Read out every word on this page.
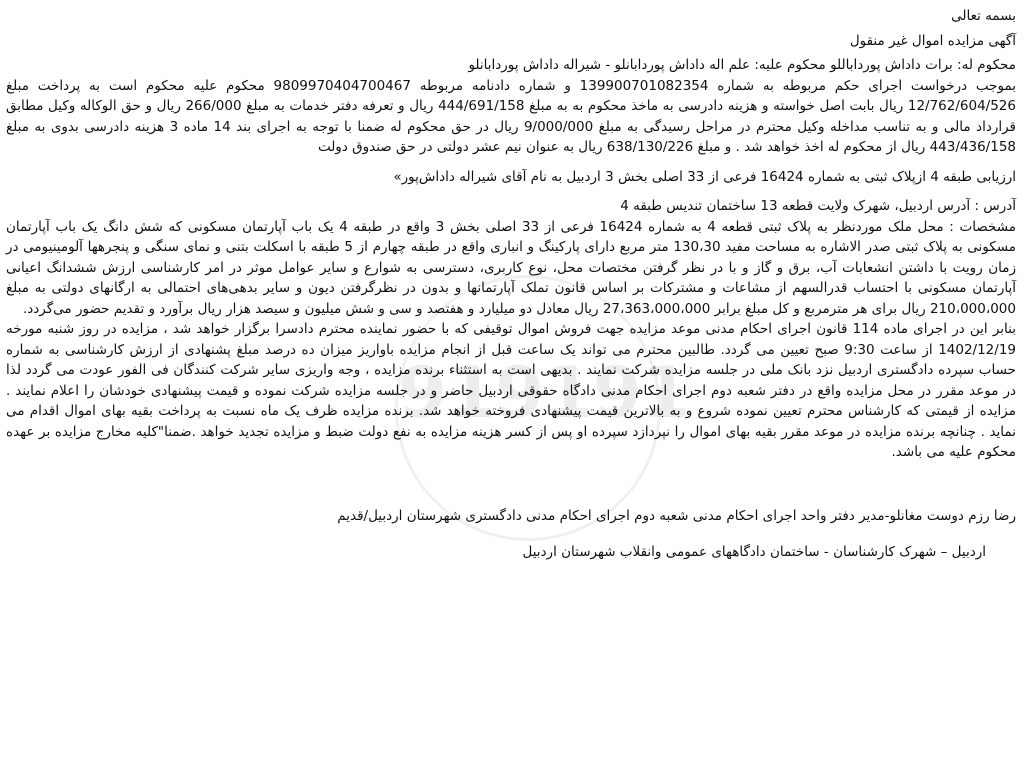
919191

بسمه تعالی

آگهی مزایده اموال غیر منقول

محکوم له: برات داداش پورداباللو محکوم علیه: علم اله داداش پوردابانلو - شیراله داداش پوردابانلو

بموجب درخواست اجرای حکم مربوطه به شماره 139900701082354 و شماره دادنامه مربوطه 9809970404700467 محکوم علیه محکوم است به پرداخت مبلغ 12/762/604/526 ریال بابت اصل خواسته و هزینه دادرسی به ماخذ محکوم به به مبلغ 444/691/158 ریال و تعرفه دفتر خدمات به مبلغ 266/000 ریال و حق الوکاله وکیل مطابق قرارداد مالی و به تناسب مداخله وکیل محترم در مراحل رسیدگی به مبلغ 9/000/000 ریال در حق محکوم له ضمنا با توجه به اجرای بند 14 ماده 3 هزینه دادرسی بدوی به مبلغ 443/436/158 ریال از محکوم له اخذ خواهد شد . و مبلغ 638/130/226 ریال به عنوان نیم عشر دولتی در حق صندوق دولت

ارزیابی طبقه 4 ازپلاک ثبتی به شماره 16424 فرعی از 33 اصلی بخش 3 اردبیل به نام آقای شیراله داداش‌پور»

آدرس : آدرس اردبیل، شهرک ولایت قطعه 13 ساختمان تندیس طبقه 4

مشخصات : محل ملک موردنظر به پلاک ثبتی قطعه 4 به شماره 16424 فرعی از 33 اصلی بخش 3 واقع در طبقه 4 یک باب آپارتمان مسکونی که شش دانگ یک باب آپارتمان مسکونی به پلاک ثبتی صدر الاشاره به مساحت مفید 130،30 متر مربع دارای پارکینگ و انباری واقع در طبقه چهارم از 5 طبقه با اسکلت بتنی و نمای سنگی و پنجرهها آلومینیومی در زمان رویت با داشتن انشعابات آب، برق و گاز و با در نظر گرفتن مختصات محل، نوع کاربری، دسترسی به شوارع و سایر عوامل موثر در امر کارشناسی ارزش ششدانگ اعیانی آپارتمان مسکونی با احتساب قدرالسهم از مشاعات و مشترکات بر اساس قانون تملک آپارتمانها و بدون در نظرگرفتن دیون و سایر بدهی‌های احتمالی به ارگانهای دولتی به مبلغ 210،000،000 ریال برای هر مترمربع و کل مبلغ برابر 27،363،000،000 ریال معادل دو میلیارد و هفتصد و سی و شش میلیون و سیصد هزار ریال برآورد و تقدیم حضور می‌گردد.

بنابر این در اجرای ماده 114 قانون اجرای احکام مدنی موعد مزایده جهت فروش اموال توقیفی که با حضور نماینده محترم دادسرا برگزار خواهد شد ، مزایده در روز شنبه مورخه 1402/12/19 از ساعت 9:30 صبح تعیین می گردد. طالبین محترم می تواند یک ساعت قبل از انجام مزایده باواریز میزان ده درصد مبلغ پشنهادی از ارزش کارشناسی به شماره حساب سپرده دادگستری اردبیل نزد بانک ملی در جلسه مزایده شرکت نمایند . بدیهی است به استثناء برنده مزایده ، وجه واریزی سایر شرکت کنندگان فی الفور عودت می گردد لذا در موعد مقرر در محل مزایده واقع در دفتر شعبه دوم اجرای احکام مدنی دادگاه حقوقی اردبیل حاضر و در جلسه مزایده شرکت نموده و قیمت پیشنهادی خودشان را اعلام نمایند . مزایده از قیمتی که کارشناس محترم تعیین نموده شروع و به بالاترین قیمت پیشنهادی فروخته خواهد شد. برنده مزایده ظرف یک ماه نسبت به پرداخت بقیه بهای اموال اقدام می نماید . چنانچه برنده مزایده در موعد مقرر بقیه بهای اموال را نپردازد سپرده او پس از کسر هزینه مزایده به نفع دولت ضبط و مزایده تجدید خواهد .ضمنا"کلیه مخارج مزایده بر عهده محکوم علیه می باشد.

رضا رزم دوست مغانلو-مدیر دفتر واحد اجرای احکام مدنی شعبه دوم اجرای احکام مدنی دادگستری شهرستان اردبیل/قدیم

اردبیل – شهرک کارشناسان - ساختمان دادگاههای عمومی وانقلاب شهرستان اردبیل
